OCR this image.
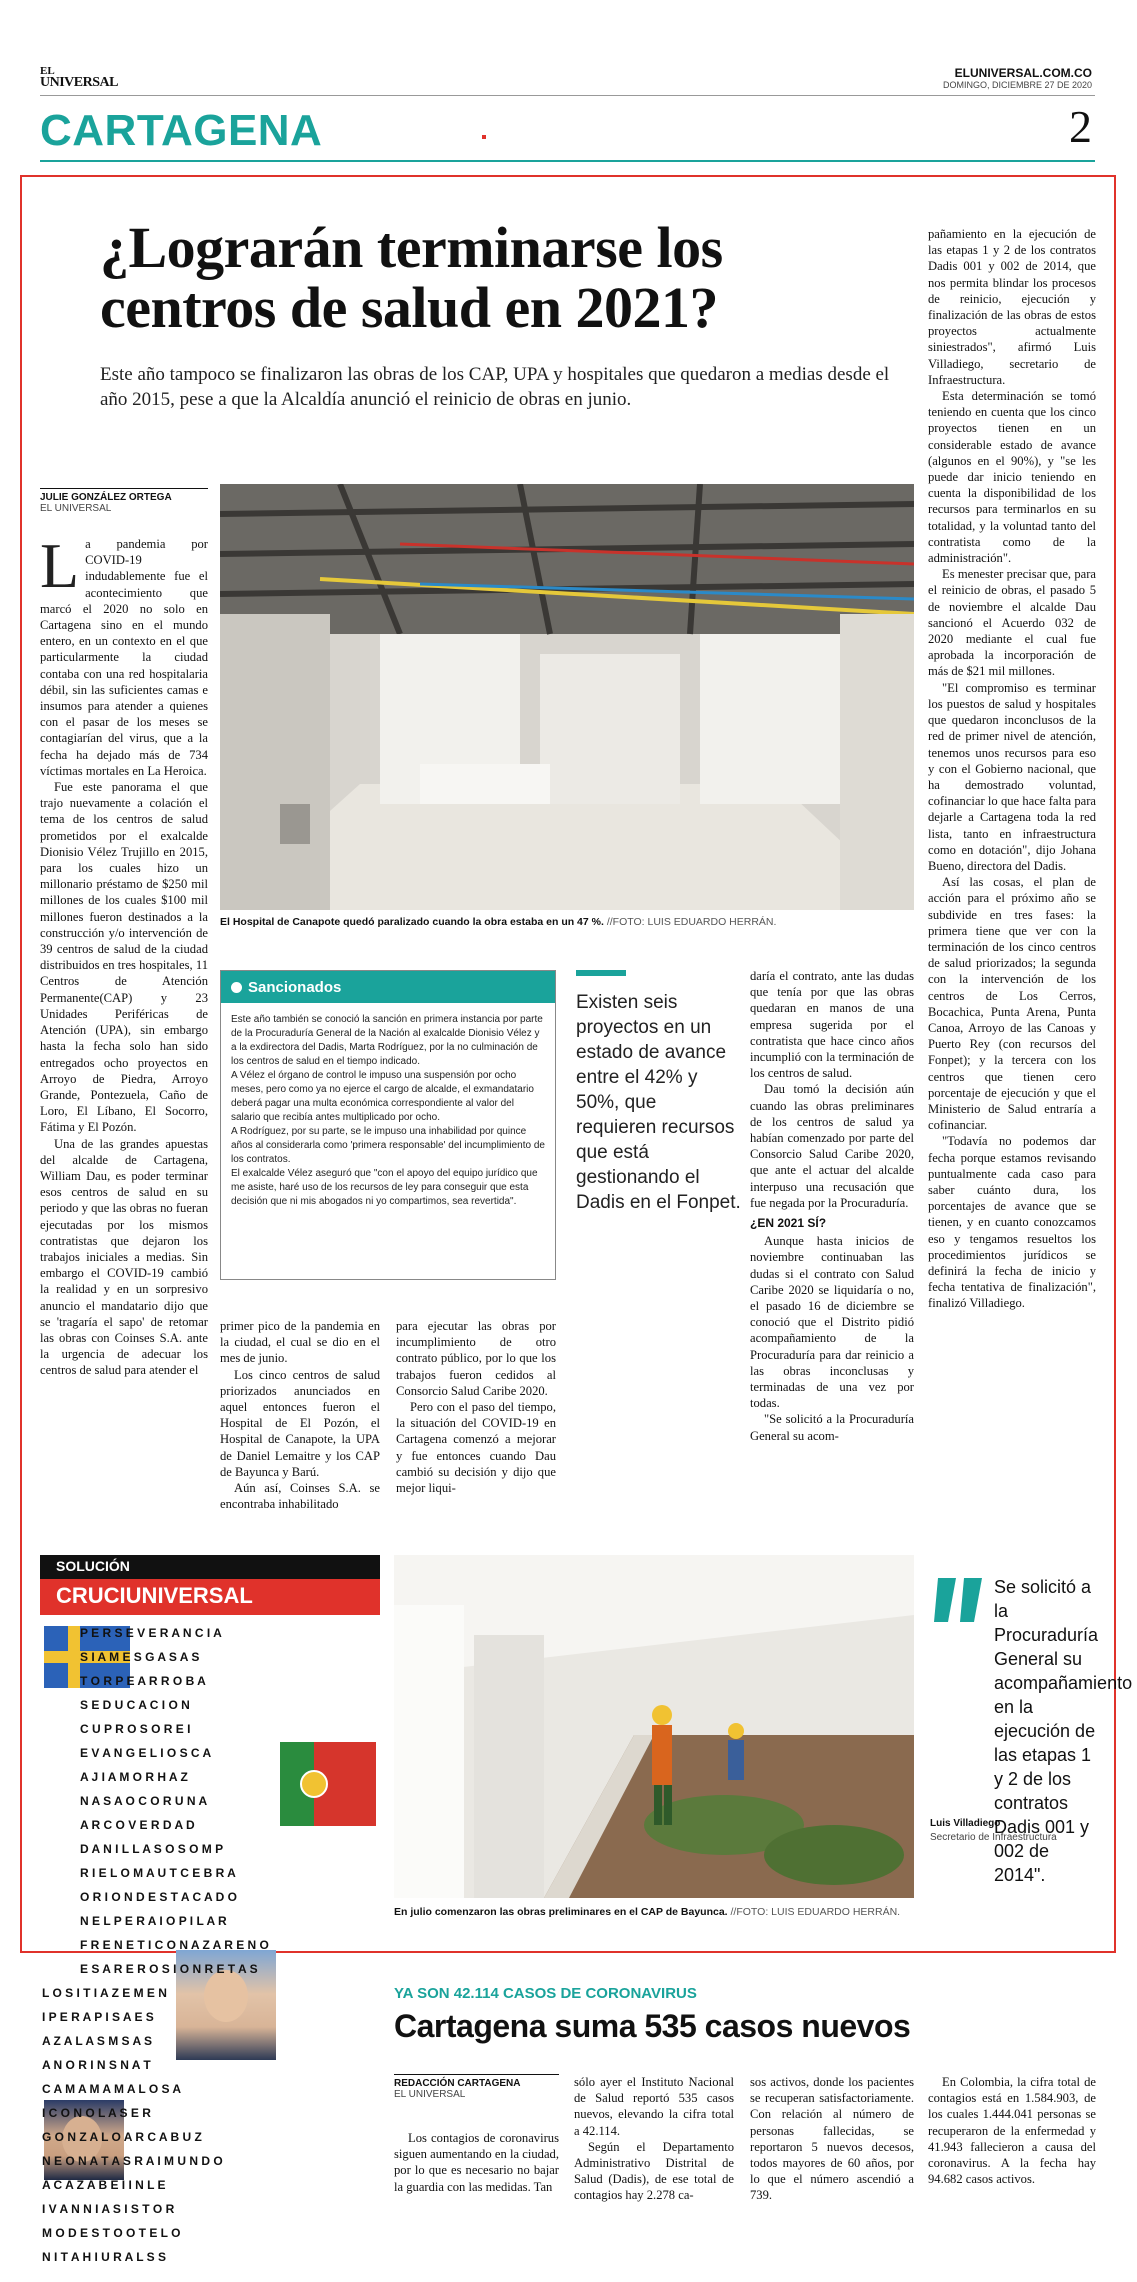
EL
UNIVERSAL
ELUNIVERSAL.COM.CO
DOMINGO, DICIEMBRE 27 DE 2020
CARTAGENA	2
¿Lograrán terminarse los
centros de salud en 2021?
Este año tampoco se finalizaron las obras de los CAP, UPA y hospitales que quedaron a medias desde el año 2015, pese a que la Alcaldía anunció el reinicio de obras en junio.
JULIE GONZÁLEZ ORTEGA
EL UNIVERSAL

La pandemia por COVID-19 indudablemente fue el acontecimiento que marcó el 2020 no solo en Cartagena sino en el mundo entero, en un contexto en el que particularmente la ciudad contaba con una red hospitalaria débil, sin las suficientes camas e insumos para atender a quienes con el pasar de los meses se contagiarían del virus, que a la fecha ha dejado más de 734 víctimas mortales en La Heroica.

Fue este panorama el que trajo nuevamente a colación el tema de los centros de salud prometidos por el exalcalde Dionisio Vélez Trujillo en 2015, para los cuales hizo un millonario préstamo de $250 mil millones de los cuales $100 mil millones fueron destinados a la construcción y/o intervención de 39 centros de salud de la ciudad distribuidos en tres hospitales, 11 Centros de Atención Permanente(CAP) y 23 Unidades Periféricas de Atención (UPA), sin embargo hasta la fecha solo han sido entregados ocho proyectos en Arroyo de Piedra, Arroyo Grande, Pontezuela, Caño de Loro, El Líbano, El Socorro, Fátima y El Pozón.

Una de las grandes apuestas del alcalde de Cartagena, William Dau, es poder terminar esos centros de salud en su periodo y que las obras no fueran ejecutadas por los mismos contratistas que dejaron los trabajos iniciales a medias. Sin embargo el COVID-19 cambió la realidad y en un sorpresivo anuncio el mandatario dijo que se 'tragaría el sapo' de retomar las obras con Coinses S.A. ante la urgencia de adecuar los centros de salud para atender el

El Hospital de Canapote quedó paralizado cuando la obra estaba en un 47 %. //FOTO: LUIS EDUARDO HERRÁN.
Sancionados

Este año también se conoció la sanción en primera instancia por parte de la Procuraduría General de la Nación al exalcalde Dionisio Vélez y a la exdirectora del Dadis, Marta Rodríguez, por la no culminación de los centros de salud en el tiempo indicado.

A Vélez el órgano de control le impuso una suspensión por ocho meses, pero como ya no ejerce el cargo de alcalde, el exmandatario deberá pagar una multa económica correspondiente al valor del salario que recibía antes multiplicado por ocho.

A Rodríguez, por su parte, se le impuso una inhabilidad por quince años al considerarla como 'primera responsable' del incumplimiento de los contratos.

El exalcalde Vélez aseguró que "con el apoyo del equipo jurídico que me asiste, haré uso de los recursos de ley para conseguir que esta decisión que ni mis abogados ni yo compartimos, sea revertida".

Existen seis proyectos en un estado de avance entre el 42% y 50%, que requieren recursos que está gestionando el Dadis en el Fonpet.

primer pico de la pandemia en la ciudad, el cual se dio en el mes de junio.

Los cinco centros de salud priorizados anunciados en aquel entonces fueron el Hospital de El Pozón, el Hospital de Canapote, la UPA de Daniel Lemaitre y los CAP de Bayunca y Barú.

Aún así, Coinses S.A. se encontraba inhabilitado

para ejecutar las obras por incumplimiento de otro contrato público, por lo que los trabajos fueron cedidos al Consorcio Salud Caribe 2020.

Pero con el paso del tiempo, la situación del COVID-19 en Cartagena comenzó a mejorar y fue entonces cuando Dau cambió su decisión y dijo que mejor liqui-

daría el contrato, ante las dudas que tenía por que las obras quedaran en manos de una empresa sugerida por el contratista que hace cinco años incumplió con la terminación de los centros de salud.

Dau tomó la decisión aún cuando las obras preliminares de los centros de salud ya habían comenzado por parte del Consorcio Salud Caribe 2020, que ante el actuar del alcalde interpuso una recusación que fue negada por la Procuraduría.

¿EN 2021 SÍ?

Aunque hasta inicios de noviembre continuaban las dudas si el contrato con Salud Caribe 2020 se liquidaría o no, el pasado 16 de diciembre se conoció que el Distrito pidió acompañamiento de la Procuraduría para dar reinicio a las obras inconclusas y terminadas de una vez por todas.

"Se solicitó a la Procuraduría General su acom-

pañamiento en la ejecución de las etapas 1 y 2 de los contratos Dadis 001 y 002 de 2014, que nos permita blindar los procesos de reinicio, ejecución y finalización de las obras de estos proyectos actualmente siniestrados", afirmó Luis Villadiego, secretario de Infraestructura.

Esta determinación se tomó teniendo en cuenta que los cinco proyectos tienen en un considerable estado de avance (algunos en el 90%), y "se les puede dar inicio teniendo en cuenta la disponibilidad de los recursos para terminarlos en su totalidad, y la voluntad tanto del contratista como de la administración".

Es menester precisar que, para el reinicio de obras, el pasado 5 de noviembre el alcalde Dau sancionó el Acuerdo 032 de 2020 mediante el cual fue aprobada la incorporación de más de $21 mil millones.

"El compromiso es terminar los puestos de salud y hospitales que quedaron inconclusos de la red de primer nivel de atención, tenemos unos recursos para eso y con el Gobierno nacional, que ha demostrado voluntad, cofinanciar lo que hace falta para dejarle a Cartagena toda la red lista, tanto en infraestructura como en dotación", dijo Johana Bueno, directora del Dadis.

Así las cosas, el plan de acción para el próximo año se subdivide en tres fases: la primera tiene que ver con la terminación de los cinco centros de salud priorizados; la segunda con la intervención de los centros de Los Cerros, Bocachica, Punta Arena, Punta Canoa, Arroyo de las Canoas y Puerto Rey (con recursos del Fonpet); y la tercera con los centros que tienen cero porcentaje de ejecución y que el Ministerio de Salud entraría a cofinanciar.

"Todavía no podemos dar fecha porque estamos revisando puntualmente cada caso para saber cuánto dura, los porcentajes de avance que se tienen, y en cuanto conozcamos eso y tengamos resueltos los procedimientos jurídicos se definirá la fecha de inicio y fecha tentativa de finalización", finalizó Villadiego.

SOLUCIÓN
CRUCIUNIVERSAL
P E R S E V E R A N C I A
S I A M E S G A S A S
T O R P E A R R O B A
S E D U C A C I O N
C U P R O S O R E I
E V A N G E L I O S C A
A J I A M O R H A Z
N A S A O C O R U N A
A R C O V E R D A D
D A N I L L A S O S O M P
R I E L O M A U T C E B R A
O R I O N D E S T A C A D O
N E L P E R A I O P I L A R
F R E N E T I C O N A Z A R E N O
E S A R E R O S I O N R E T A S
L O S I T I A Z E M E N
I P E R A P I S A E S
A Z A L A S M S A S
A N O R I N S N A T
C A M A M A M A L O S A
I C O N O L A S E R
G O N Z A L O A R C A B U Z
N E O N A T A S R A I M U N D O
A C A Z A B E I I N L E
I V A N N I A S I S T O R
M O D E S T O O T E L O
N I T A H I U R A L S S
En julio comenzaron las obras preliminares en el CAP de Bayunca. //FOTO: LUIS EDUARDO HERRÁN.
Se solicitó a la Procuraduría General su acompañamiento en la ejecución de las etapas 1 y 2 de los contratos Dadis 001 y 002 de 2014".
Luis Villadiego
Secretario de Infraestructura
YA SON 42.114 CASOS DE CORONAVIRUS
Cartagena suma 535 casos nuevos
REDACCIÓN CARTAGENA
EL UNIVERSAL

Los contagios de coronavirus siguen aumentando en la ciudad, por lo que es necesario no bajar la guardia con las medidas. Tan

sólo ayer el Instituto Nacional de Salud reportó 535 casos nuevos, elevando la cifra total a 42.114.

Según el Departamento Administrativo Distrital de Salud (Dadis), de ese total de contagios hay 2.278 ca-

sos activos, donde los pacientes se recuperan satisfactoriamente. Con relación al número de personas fallecidas, se reportaron 5 nuevos decesos, todos mayores de 60 años, por lo que el número ascendió a 739.

En Colombia, la cifra total de contagios está en 1.584.903, de los cuales 1.444.041 personas se recuperaron de la enfermedad y 41.943 fallecieron a causa del coronavirus. A la fecha hay 94.682 casos activos.
